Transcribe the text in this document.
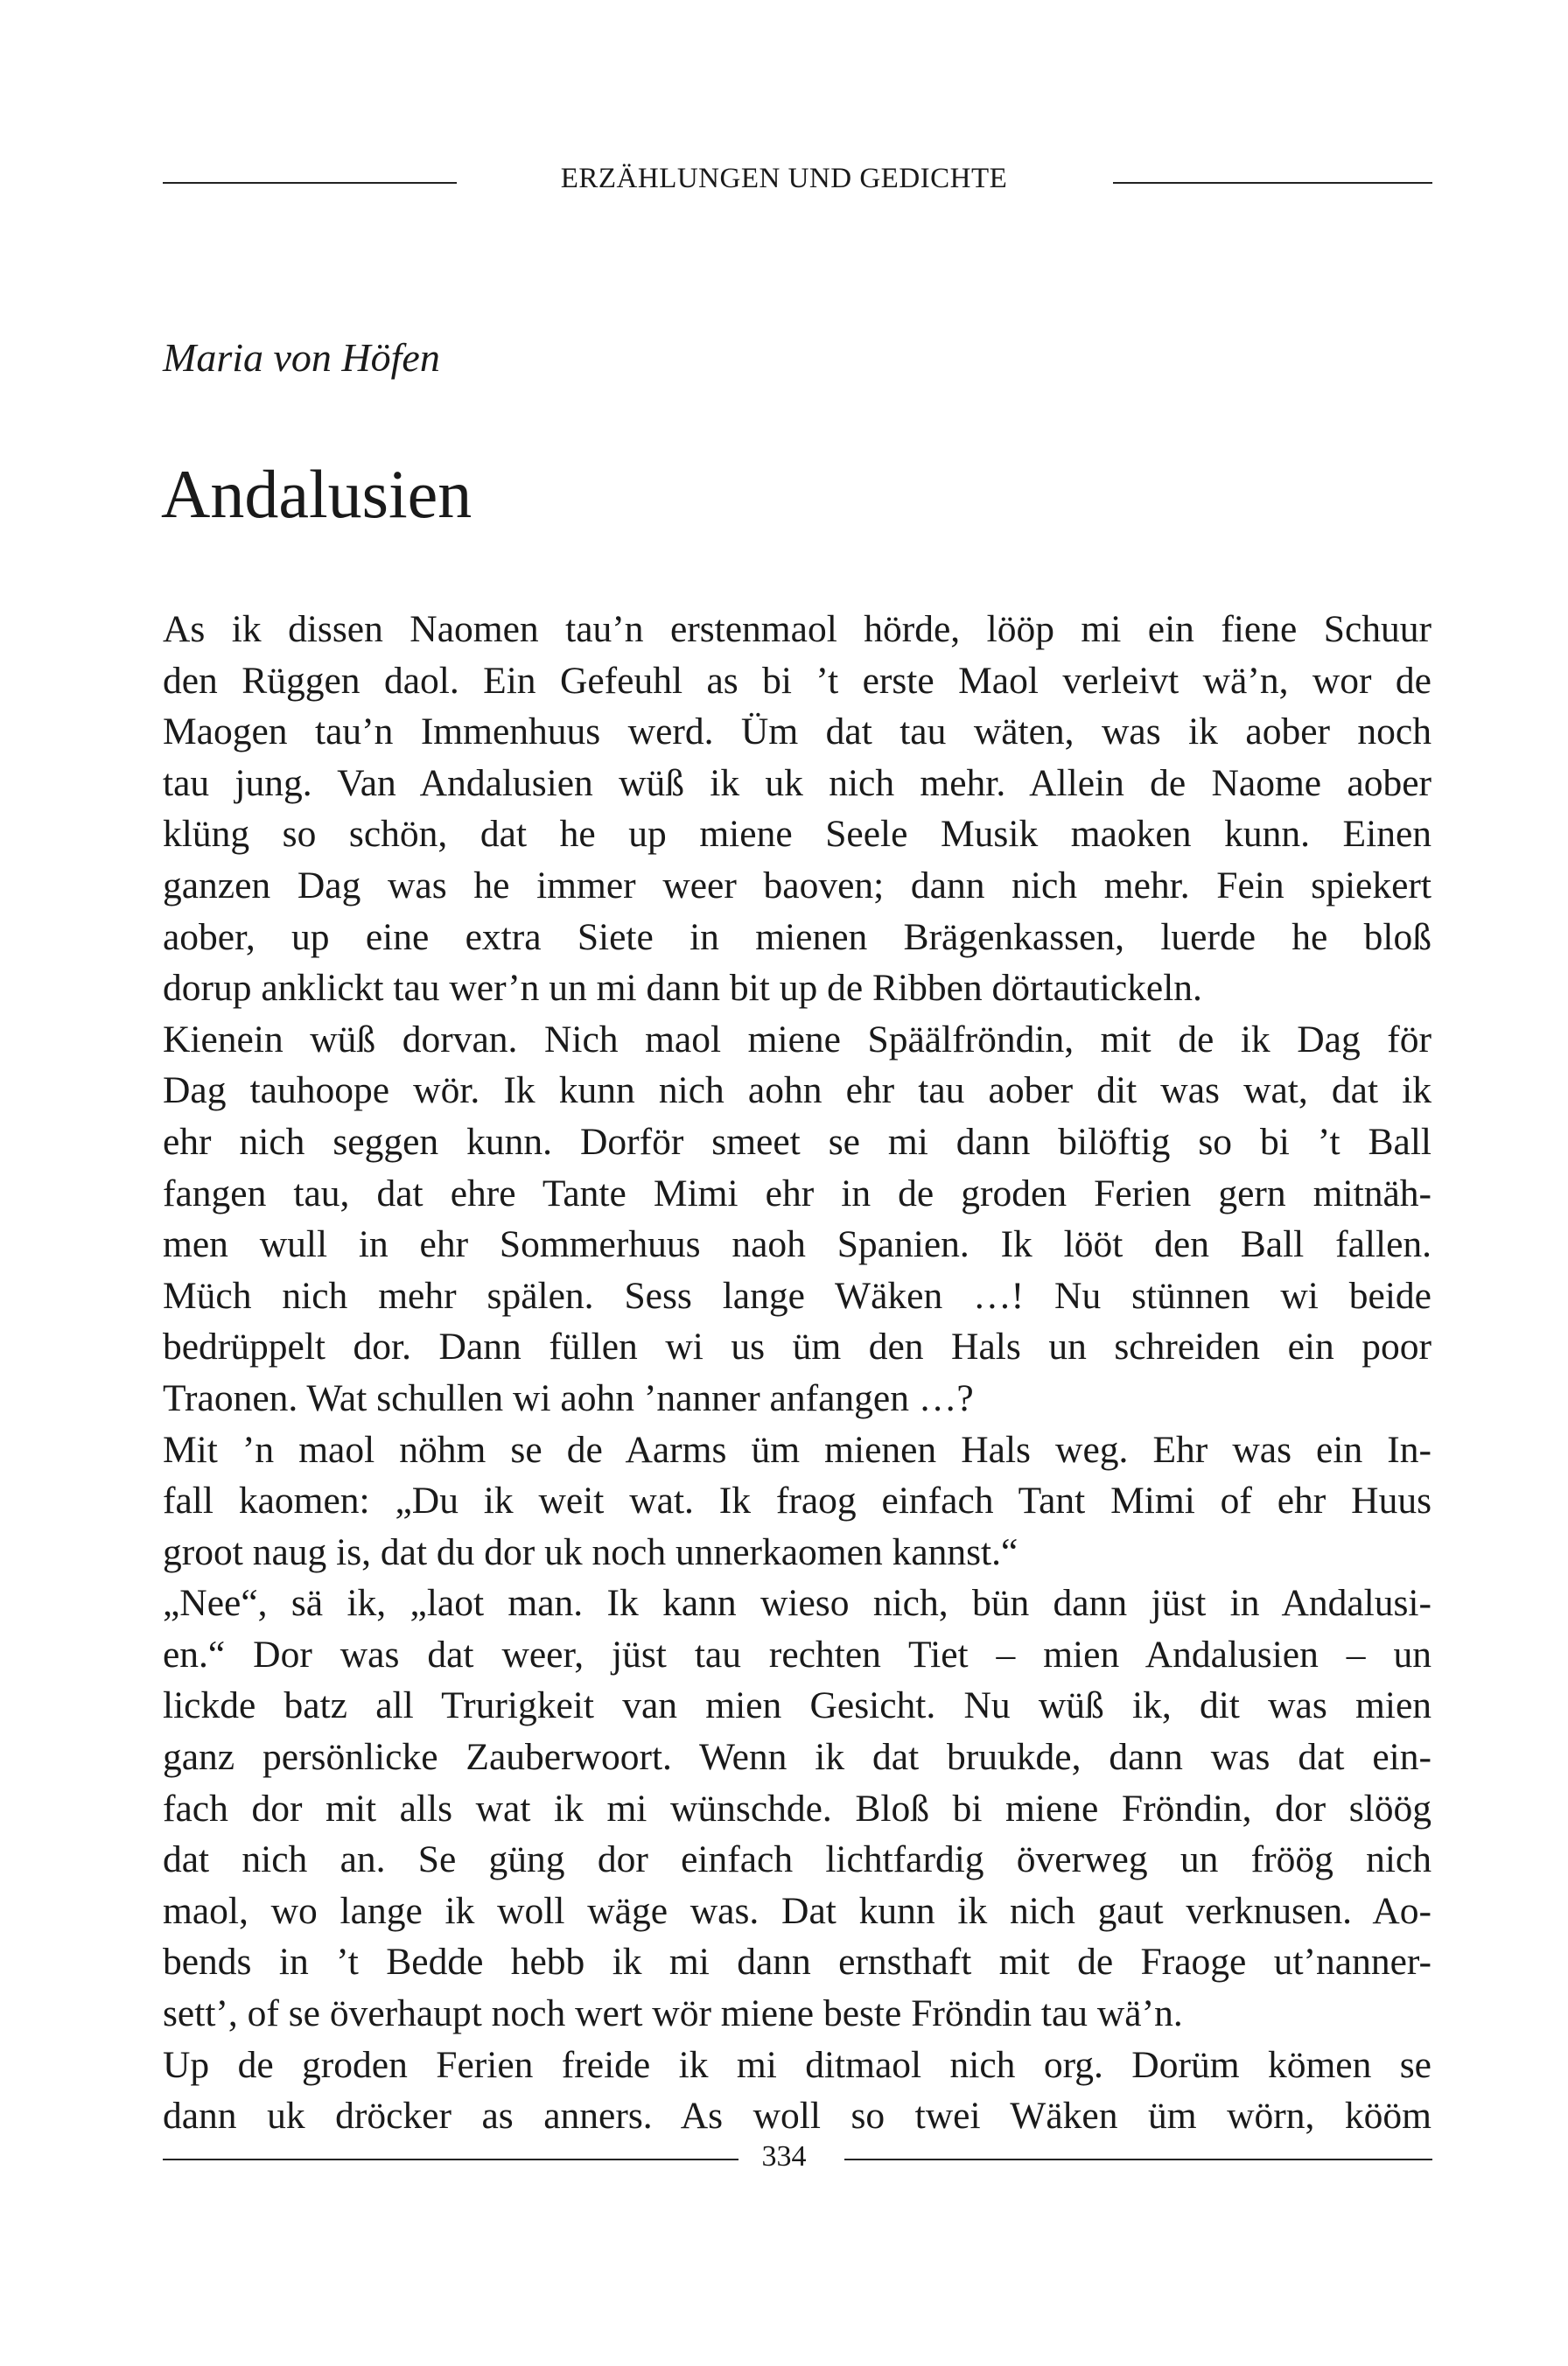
ERZÄHLUNGEN UND GEDICHTE
Maria von Höfen
Andalusien
As ik dissen Naomen tau’n erstenmaol hörde, lööp mi ein fiene Schuur
den Rüggen daol. Ein Gefeuhl as bi ’t erste Maol verleivt wä’n, wor de
Maogen tau’n Immenhuus werd. Üm dat tau wäten, was ik aober noch
tau jung. Van Andalusien wüß ik uk nich mehr. Allein de Naome aober
klüng so schön, dat he up miene Seele Musik maoken kunn. Einen
ganzen Dag was he immer weer baoven; dann nich mehr. Fein spiekert
aober, up eine extra Siete in mienen Brägenkassen, luerde he bloß
dorup anklickt tau wer’n un mi dann bit up de Ribben dörtautickeln.
Kienein wüß dorvan. Nich maol miene Späälfröndin, mit de ik Dag för
Dag tauhoope wör. Ik kunn nich aohn ehr tau aober dit was wat, dat ik
ehr nich seggen kunn. Dorför smeet se mi dann bilöftig so bi ’t Ball
fangen tau, dat ehre Tante Mimi ehr in de groden Ferien gern mitnäh-
men wull in ehr Sommerhuus naoh Spanien. Ik lööt den Ball fallen.
Müch nich mehr spälen. Sess lange Wäken …! Nu stünnen wi beide
bedrüppelt dor. Dann füllen wi us üm den Hals un schreiden ein poor
Traonen. Wat schullen wi aohn ’nanner anfangen …?
Mit ’n maol nöhm se de Aarms üm mienen Hals weg. Ehr was ein In-
fall kaomen: „Du ik weit wat. Ik fraog einfach Tant Mimi of ehr Huus
groot naug is, dat du dor uk noch unnerkaomen kannst.“
„Nee“, sä ik, „laot man. Ik kann wieso nich, bün dann jüst in Andalusi-
en.“ Dor was dat weer, jüst tau rechten Tiet – mien Andalusien – un
lickde batz all Trurigkeit van mien Gesicht. Nu wüß ik, dit was mien
ganz persönlicke Zauberwoort. Wenn ik dat bruukde, dann was dat ein-
fach dor mit alls wat ik mi wünschde. Bloß bi miene Fröndin, dor slöög
dat nich an. Se güng dor einfach lichtfardig överweg un fröög nich
maol, wo lange ik woll wäge was. Dat kunn ik nich gaut verknusen. Ao-
bends in ’t Bedde hebb ik mi dann ernsthaft mit de Fraoge ut’nanner-
sett’, of se överhaupt noch wert wör miene beste Fröndin tau wä’n.
Up de groden Ferien freide ik mi ditmaol nich org. Dorüm kömen se
dann uk dröcker as anners. As woll so twei Wäken üm wörn, kööm
334
